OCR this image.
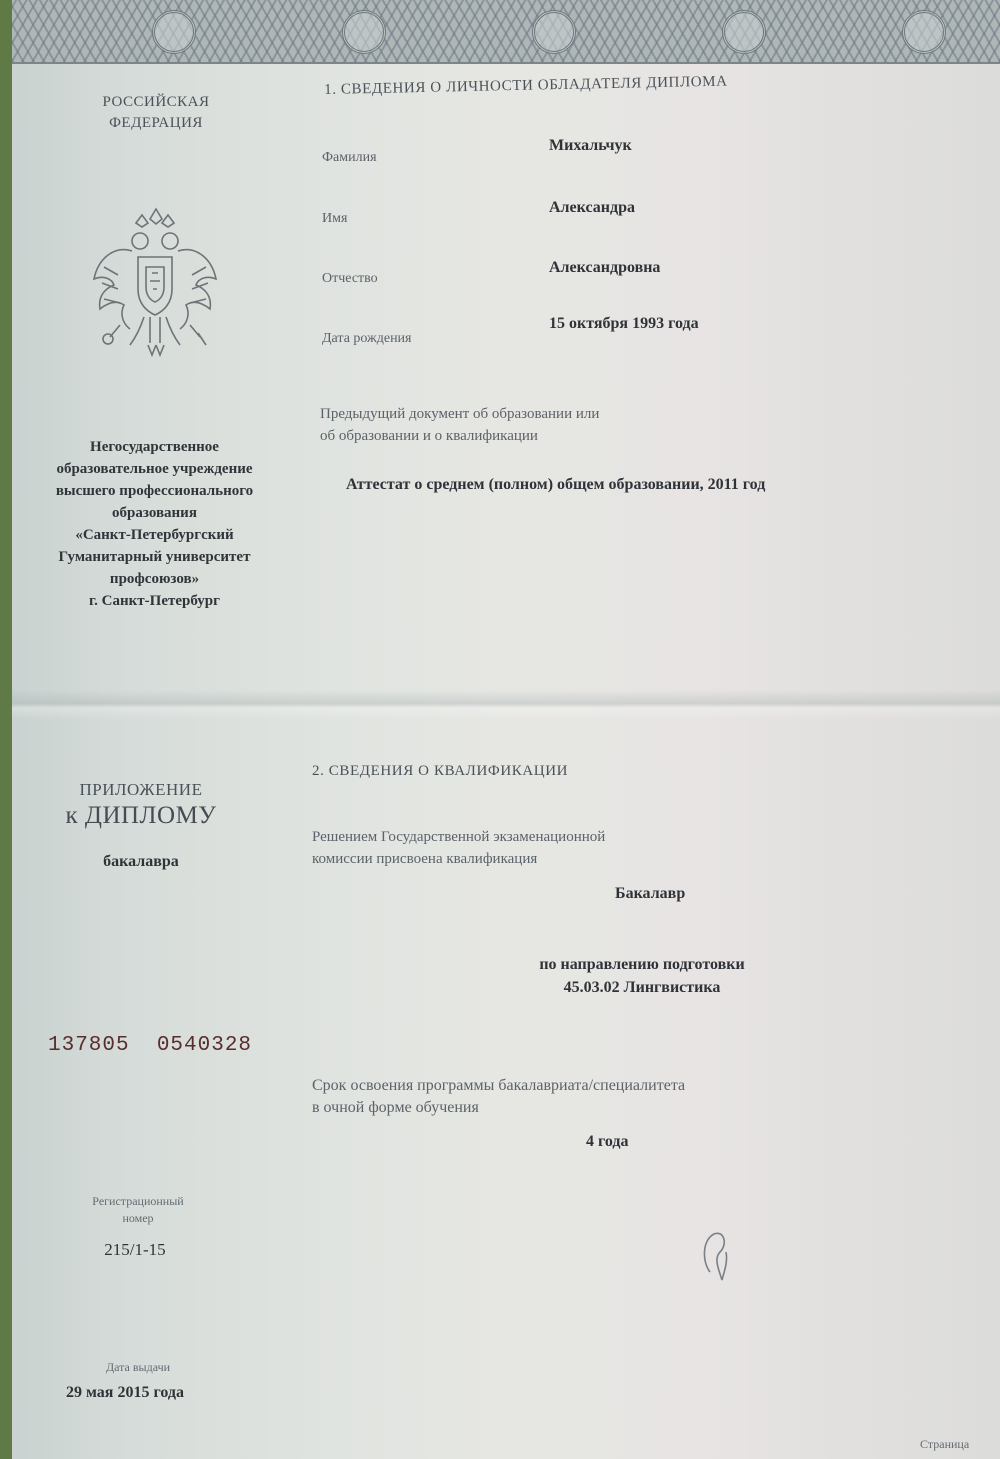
РОССИЙСКАЯ
ФЕДЕРАЦИЯ
Негосударственное
образовательное учреждение
высшего профессионального
образования
«Санкт-Петербургский
Гуманитарный университет
профсоюзов»
г. Санкт-Петербург
1. СВЕДЕНИЯ О ЛИЧНОСТИ ОБЛАДАТЕЛЯ ДИПЛОМА
Фамилия
Михальчук
Имя
Александра
Отчество
Александровна
Дата рождения
15 октября 1993 года
Предыдущий документ об образовании или
об образовании и о квалификации
Аттестат о среднем (полном) общем образовании, 2011 год
ПРИЛОЖЕНИЕ
к ДИПЛОМУ
бакалавра
137805  0540328
Регистрационный
номер
215/1-15
Дата выдачи
29 мая 2015 года
2. СВЕДЕНИЯ О КВАЛИФИКАЦИИ
Решением Государственной экзаменационной
комиссии присвоена квалификация
Бакалавр
по направлению подготовки
45.03.02 Лингвистика
Срок освоения программы бакалавриата/специалитета
в очной форме обучения
4 года
Страница
